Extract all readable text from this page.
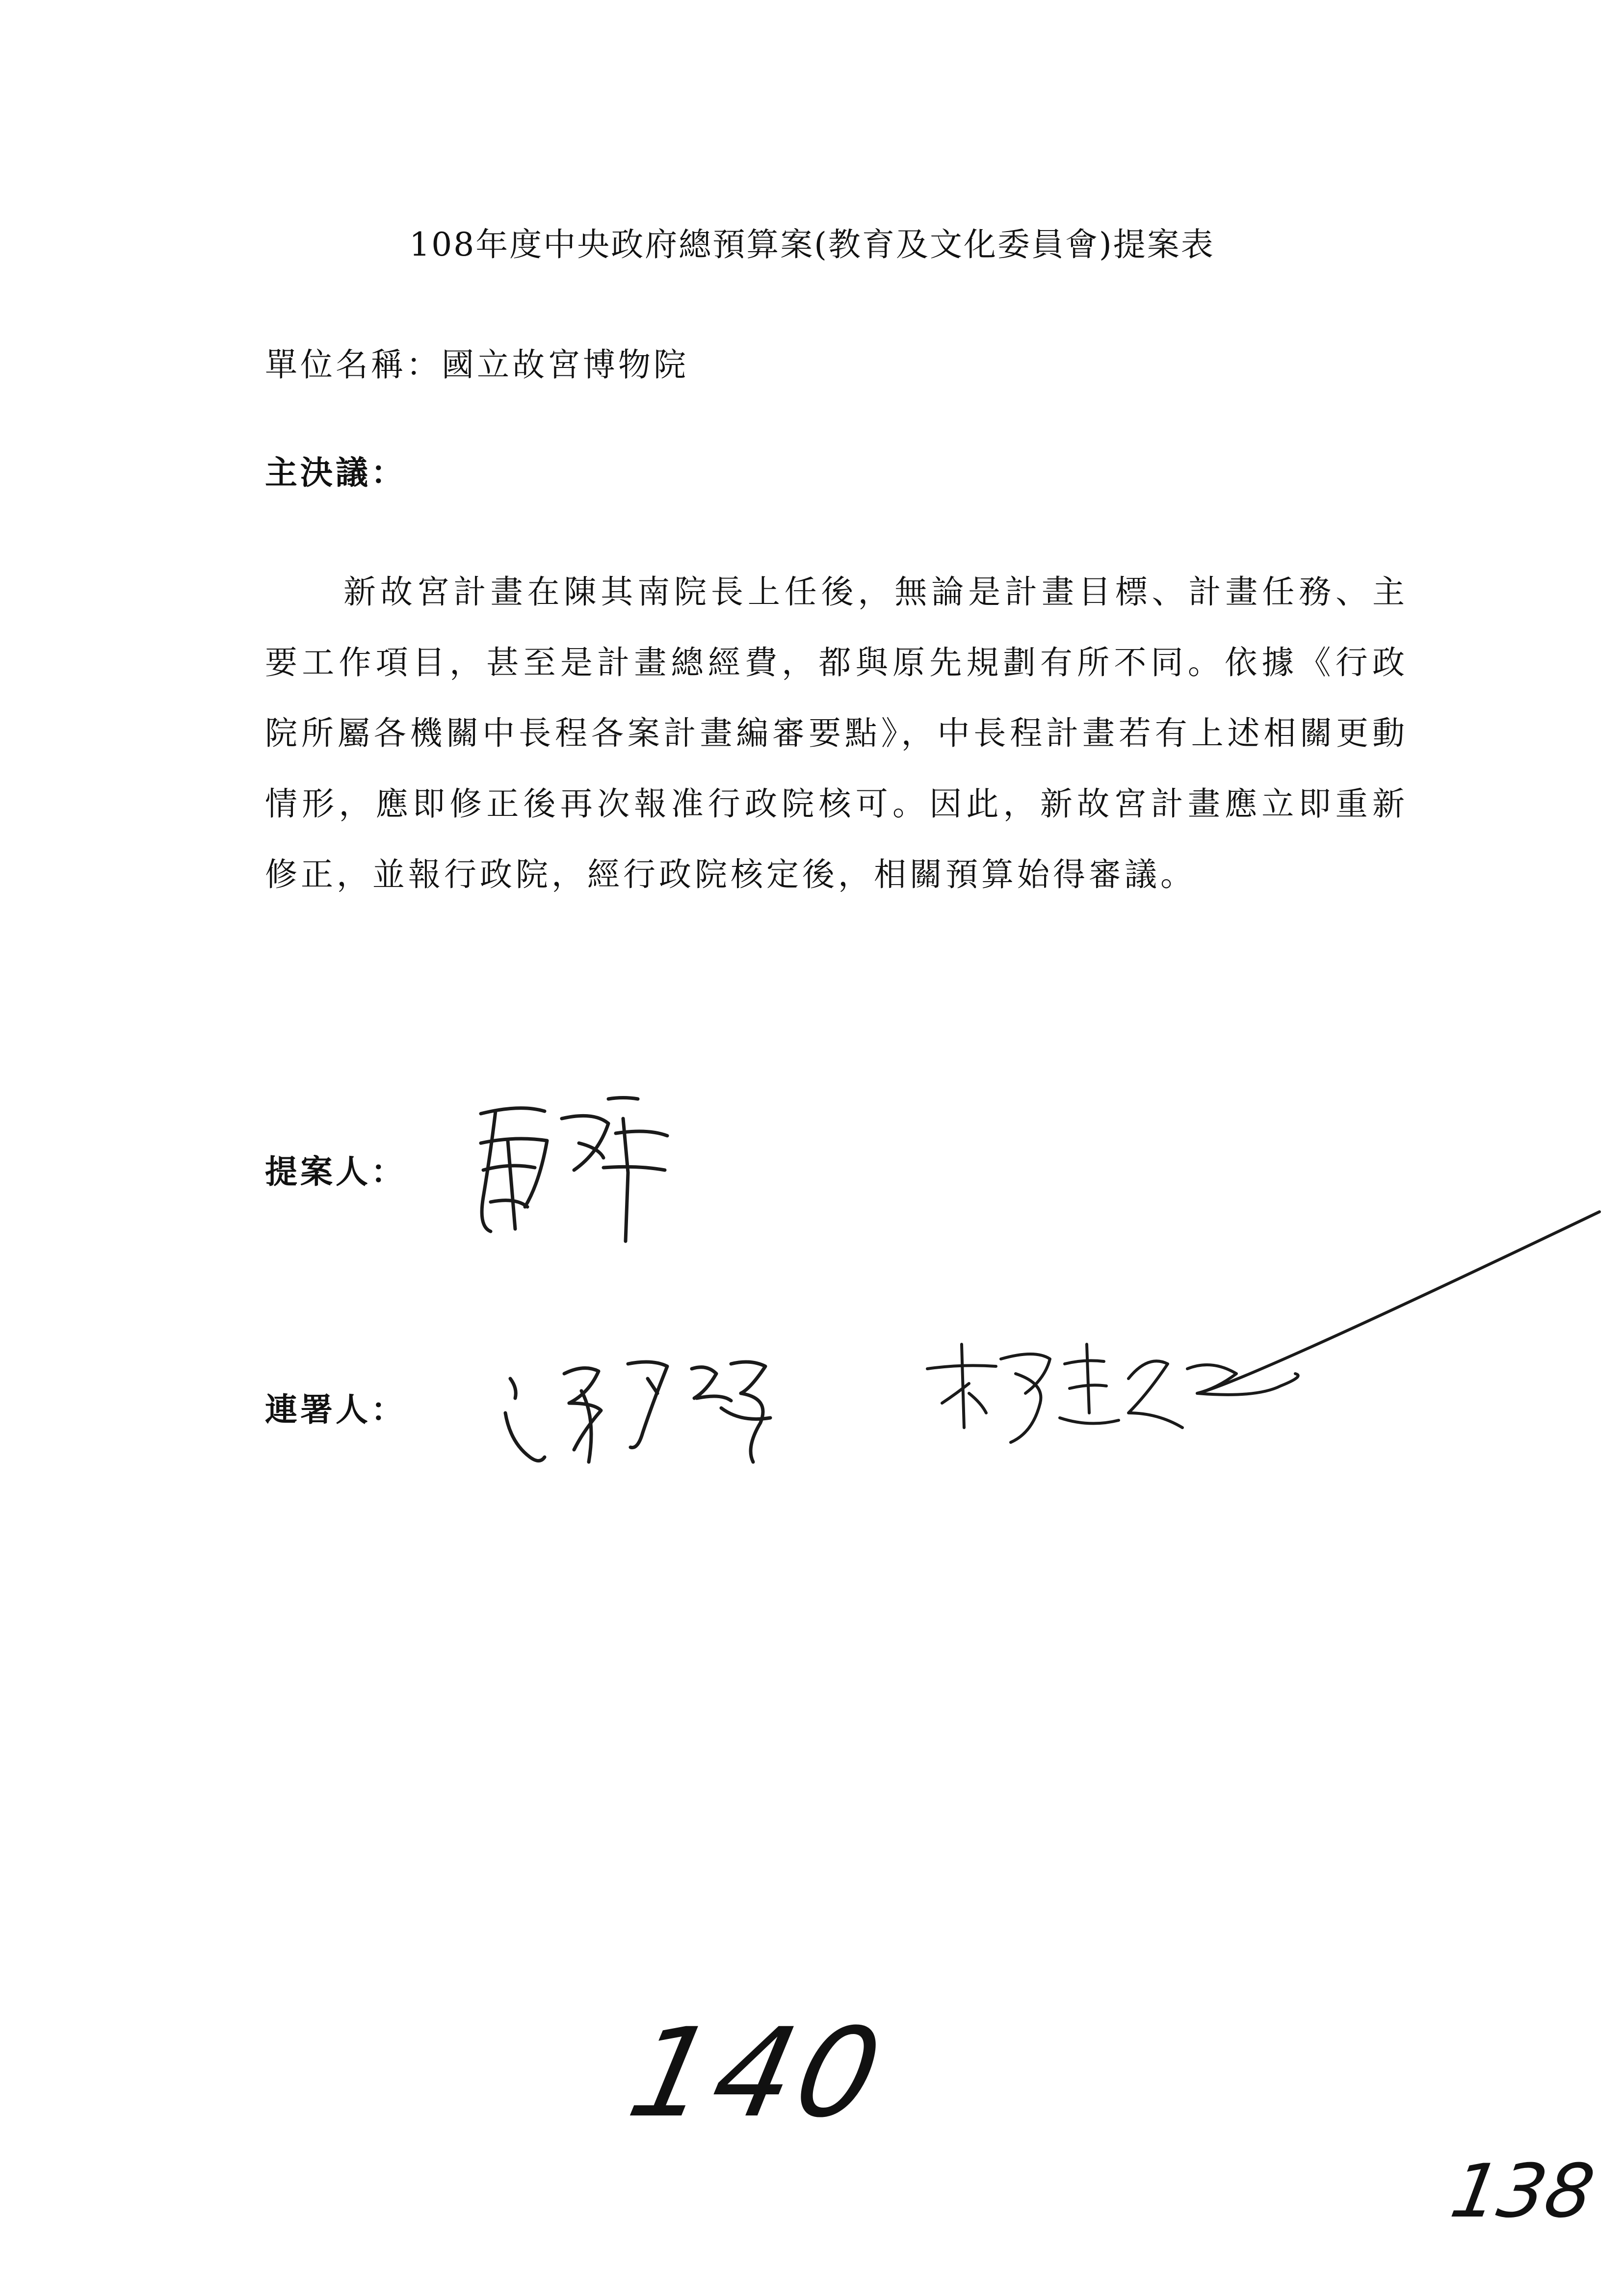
108年度中央政府總預算案(教育及文化委員會)提案表
單位名稱：國立故宮博物院
主決議：

新故宮計畫在陳其南院長上任後，無論是計畫目標、計畫任務、主要工作項目，甚至是計畫總經費，都與原先規劃有所不同。依據《行政院所屬各機關中長程各案計畫編審要點》，中長程計畫若有上述相關更動情形，應即修正後再次報准行政院核可。因此，新故宮計畫應立即重新修正，並報行政院，經行政院核定後，相關預算始得審議。

提案人：
連署人：
140
138
